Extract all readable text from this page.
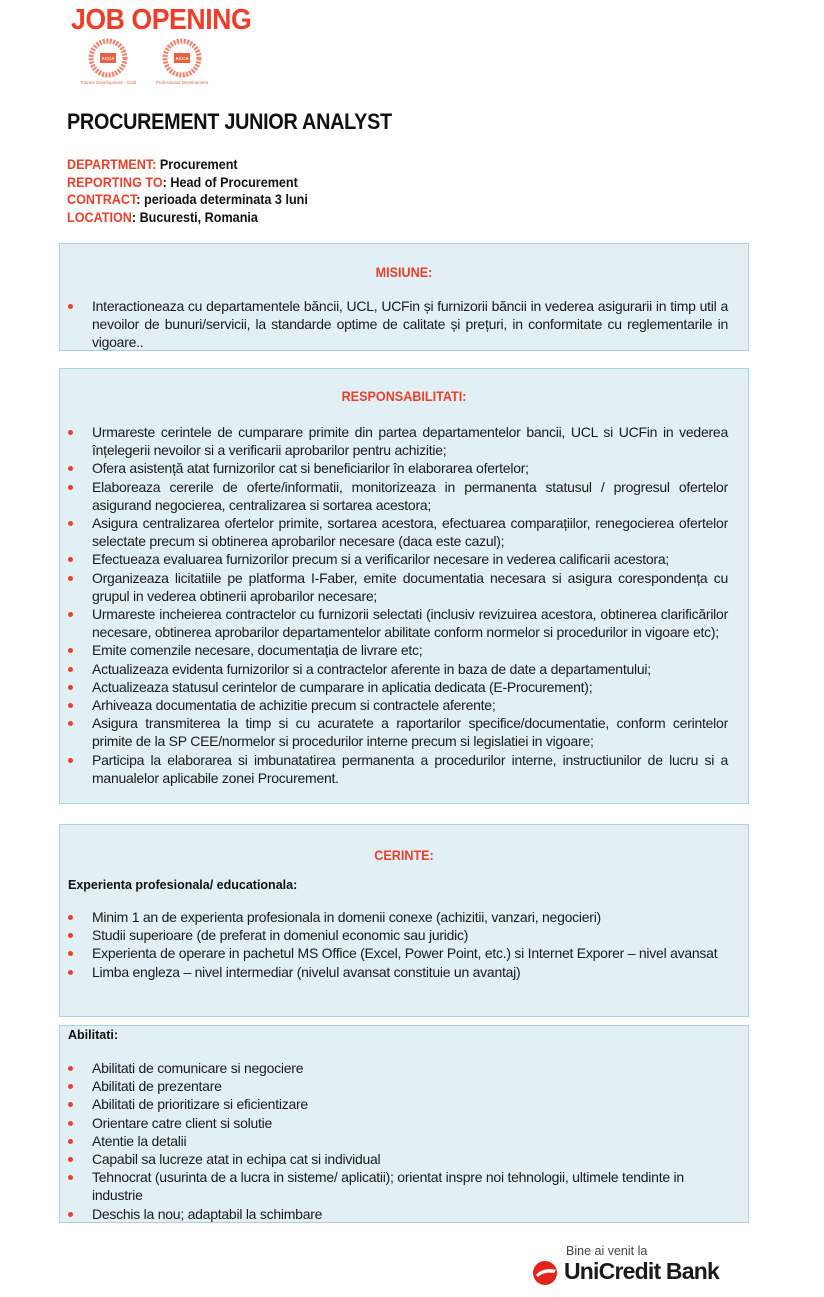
JOB OPENING
ACCA
Trainee Development - Gold
ACCA
Professional Development
PROCUREMENT JUNIOR ANALYST
DEPARTMENT: Procurement
REPORTING TO: Head of Procurement
CONTRACT: perioada determinata 3 luni
LOCATION: Bucuresti, Romania
MISIUNE:
Interactioneaza cu departamentele băncii, UCL, UCFin și furnizorii băncii in vederea asigurarii in timp util a nevoilor de bunuri/servicii, la standarde optime de calitate și prețuri, in conformitate cu reglementarile in vigoare..
RESPONSABILITATI:
Urmareste cerintele de cumparare primite din partea departamentelor bancii, UCL si UCFin in vederea înțelegerii nevoilor si a verificarii aprobarilor pentru achizitie;
Ofera asistență atat furnizorilor cat si beneficiarilor în elaborarea ofertelor;
Elaboreaza cererile de oferte/informatii, monitorizeaza in permanenta statusul / progresul ofertelor asigurand negocierea, centralizarea si sortarea acestora;
Asigura centralizarea ofertelor primite, sortarea acestora, efectuarea comparațiilor, renegocierea ofertelor selectate precum si obtinerea aprobarilor necesare (daca este cazul);
Efectueaza evaluarea furnizorilor precum si a verificarilor necesare in vederea calificarii acestora;
Organizeaza licitatiile pe platforma I-Faber, emite documentatia necesara si asigura corespondența cu grupul in vederea obtinerii aprobarilor necesare;
Urmareste incheierea contractelor cu furnizorii selectati (inclusiv revizuirea acestora, obtinerea clarificărilor necesare, obtinerea aprobarilor departamentelor abilitate conform normelor si procedurilor in vigoare etc);
Emite comenzile necesare, documentația de livrare etc;
Actualizeaza evidenta furnizorilor si a contractelor aferente in baza de date a departamentului;
Actualizeaza statusul cerintelor de cumparare in aplicatia dedicata (E-Procurement);
Arhiveaza documentatia de achizitie precum si contractele aferente;
Asigura transmiterea la timp si cu acuratete a raportarilor specifice/documentatie, conform cerintelor primite de la SP CEE/normelor si procedurilor interne precum si legislatiei in vigoare;
Participa la elaborarea si imbunatatirea permanenta a procedurilor interne, instructiunilor de lucru si a manualelor aplicabile zonei Procurement.
CERINTE:
Experienta profesionala/ educationala:
Minim 1 an de experienta profesionala in domenii conexe (achizitii, vanzari, negocieri)
Studii superioare (de preferat in domeniul economic sau juridic)
Experienta de operare in pachetul MS Office (Excel, Power Point, etc.) si Internet Exporer – nivel avansat
Limba engleza – nivel intermediar (nivelul avansat constituie un avantaj)
Abilitati:
Abilitati de comunicare si negociere
Abilitati de prezentare
Abilitati de prioritizare si eficientizare
Orientare catre client si solutie
Atentie la detalii
Capabil sa lucreze atat in echipa cat si individual
Tehnocrat (usurinta de a lucra in sisteme/ aplicatii); orientat inspre noi tehnologii, ultimele tendinte in industrie
Deschis la nou; adaptabil la schimbare
Bine ai venit la
UniCredit Bank
